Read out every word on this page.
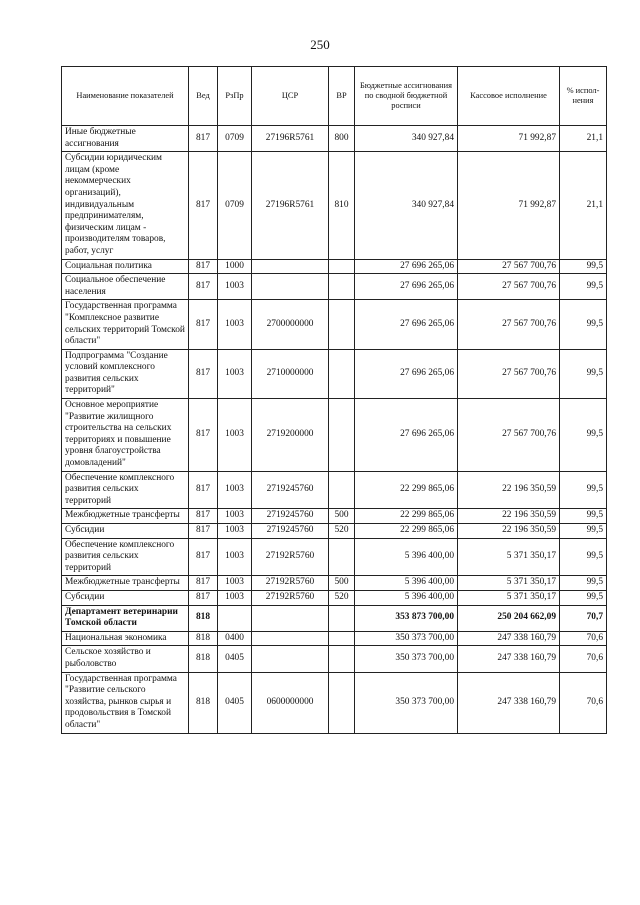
250
Наименование показателей	Вед	РзПр	ЦСР	ВР	Бюджетные ассигнования по сводной бюджетной росписи	Кассовое исполнение	% испол-нения
Иные бюджетные ассигнования	817	0709	27196R5761	800	340 927,84	71 992,87	21,1
Субсидии юридическим лицам (кроме некоммерческих организаций), индивидуальным предпринимателям, физическим лицам - производителям товаров, работ, услуг	817	0709	27196R5761	810	340 927,84	71 992,87	21,1
Социальная политика	817	1000			27 696 265,06	27 567 700,76	99,5
Социальное обеспечение населения	817	1003			27 696 265,06	27 567 700,76	99,5
Государственная программа "Комплексное развитие сельских территорий Томской области"	817	1003	2700000000		27 696 265,06	27 567 700,76	99,5
Подпрограмма "Создание условий комплексного развития сельских территорий"	817	1003	2710000000		27 696 265,06	27 567 700,76	99,5
Основное мероприятие "Развитие жилищного строительства на сельских территориях и повышение уровня благоустройства домовладений"	817	1003	2719200000		27 696 265,06	27 567 700,76	99,5
Обеспечение комплексного развития сельских территорий	817	1003	2719245760		22 299 865,06	22 196 350,59	99,5
Межбюджетные трансферты	817	1003	2719245760	500	22 299 865,06	22 196 350,59	99,5
Субсидии	817	1003	2719245760	520	22 299 865,06	22 196 350,59	99,5
Обеспечение комплексного развития сельских территорий	817	1003	27192R5760		5 396 400,00	5 371 350,17	99,5
Межбюджетные трансферты	817	1003	27192R5760	500	5 396 400,00	5 371 350,17	99,5
Субсидии	817	1003	27192R5760	520	5 396 400,00	5 371 350,17	99,5
Департамент ветеринарии Томской области	818				353 873 700,00	250 204 662,09	70,7
Национальная экономика	818	0400			350 373 700,00	247 338 160,79	70,6
Сельское хозяйство и рыболовство	818	0405			350 373 700,00	247 338 160,79	70,6
Государственная программа "Развитие сельского хозяйства, рынков сырья и продовольствия в Томской области"	818	0405	0600000000		350 373 700,00	247 338 160,79	70,6
